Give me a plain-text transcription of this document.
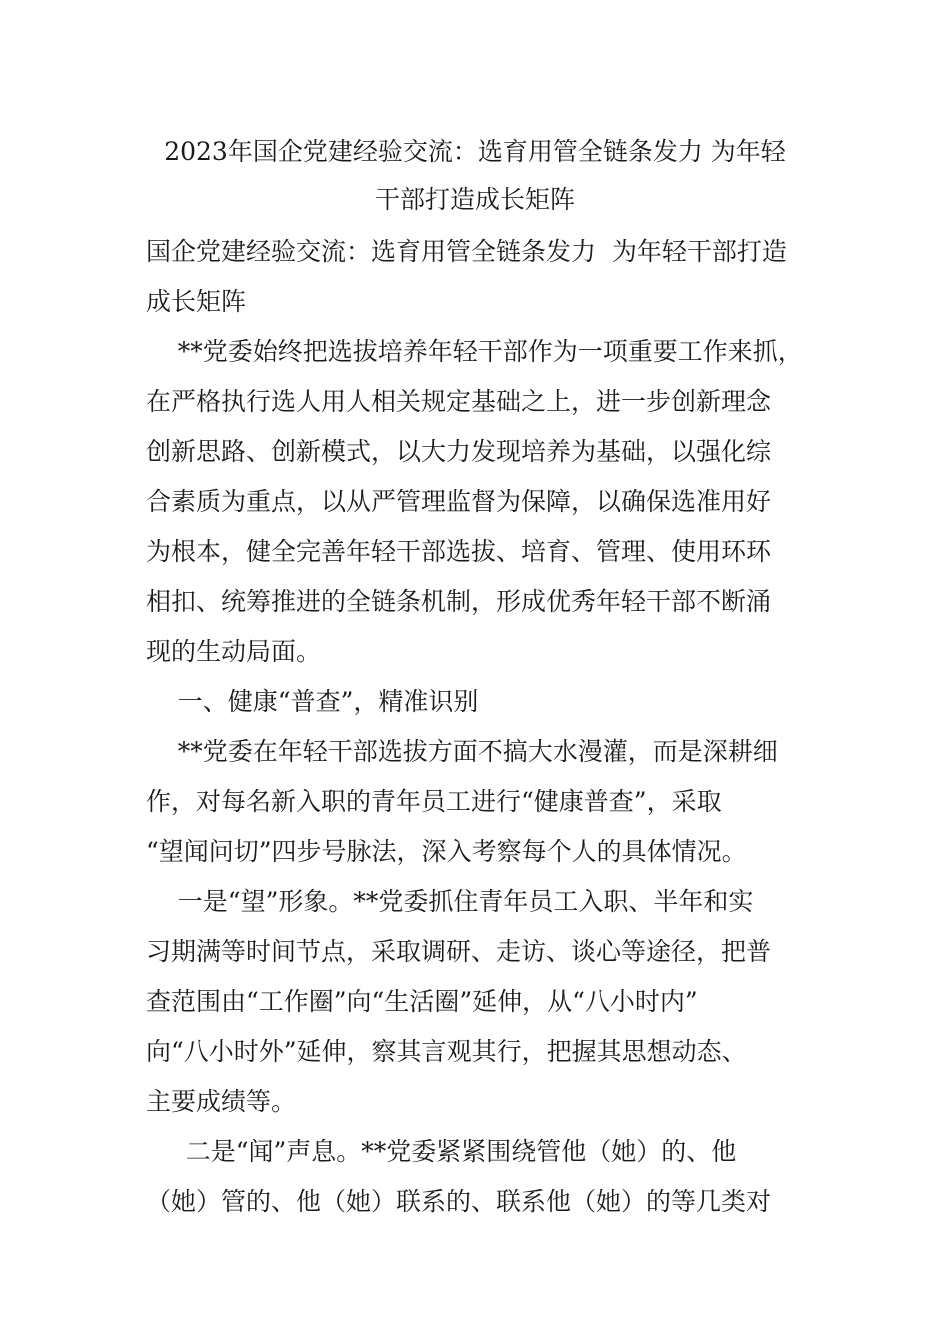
2023年国企党建经验交流：选育用管全链条发力 为年轻
干部打造成长矩阵
国企党建经验交流：选育用管全链条发力  为年轻干部打造
成长矩阵
**党委始终把选拔培养年轻干部作为一项重要工作来抓，
在严格执行选人用人相关规定基础之上，进一步创新理念
创新思路、创新模式，以大力发现培养为基础，以强化综
合素质为重点，以从严管理监督为保障，以确保选准用好
为根本，健全完善年轻干部选拔、培育、管理、使用环环
相扣、统筹推进的全链条机制，形成优秀年轻干部不断涌
现的生动局面。
一、健康“普查”，精准识别
**党委在年轻干部选拔方面不搞大水漫灌，而是深耕细
作，对每名新入职的青年员工进行“健康普查”，采取
“望闻问切”四步号脉法，深入考察每个人的具体情况。
一是“望”形象。**党委抓住青年员工入职、半年和实
习期满等时间节点，采取调研、走访、谈心等途径，把普
查范围由“工作圈”向“生活圈”延伸，从“八小时内”
向“八小时外”延伸，察其言观其行，把握其思想动态、
主要成绩等。
二是“闻”声息。**党委紧紧围绕管他（她）的、他
（她）管的、他（她）联系的、联系他（她）的等几类对
